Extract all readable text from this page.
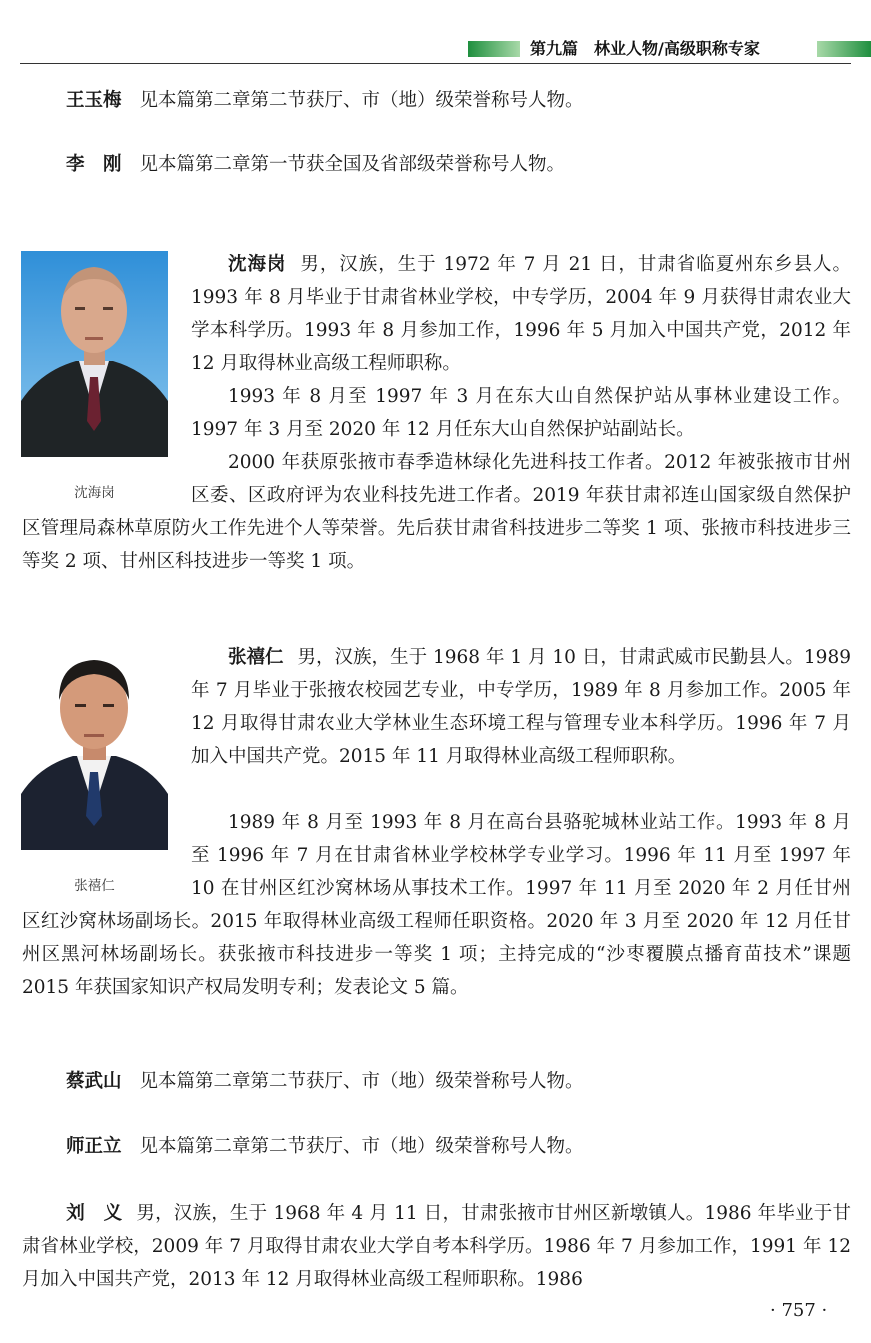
第九篇 林业人物/高级职称专家
王玉梅 见本篇第二章第二节获厅、市（地）级荣誉称号人物。
李　刚 见本篇第二章第一节获全国及省部级荣誉称号人物。
沈海岗
沈海岗 男，汉族，生于 1972 年 7 月 21 日，甘肃省临夏州东乡县人。1993 年 8 月毕业于甘肃省林业学校，中专学历，2004 年 9 月获得甘肃农业大学本科学历。1993 年 8 月参加工作，1996 年 5 月加入中国共产党，2012 年 12 月取得林业高级工程师职称。
1993 年 8 月至 1997 年 3 月在东大山自然保护站从事林业建设工作。1997 年 3 月至 2020 年 12 月任东大山自然保护站副站长。
2000 年获原张掖市春季造林绿化先进科技工作者。2012 年被张掖市甘州区委、区政府评为农业科技先进工作者。2019 年获甘肃祁连山国家级自然保护区管理局森林草原防火工作先进个人等荣誉。先后获甘肃省科技进步二等奖 1 项、张掖市科技进步三等奖 2 项、甘州区科技进步一等奖 1 项。
张禧仁
张禧仁 男，汉族，生于 1968 年 1 月 10 日，甘肃武威市民勤县人。1989 年 7 月毕业于张掖农校园艺专业，中专学历，1989 年 8 月参加工作。2005 年 12 月取得甘肃农业大学林业生态环境工程与管理专业本科学历。1996 年 7 月加入中国共产党。2015 年 11 月取得林业高级工程师职称。
1989 年 8 月至 1993 年 8 月在高台县骆驼城林业站工作。1993 年 8 月至 1996 年 7 月在甘肃省林业学校林学专业学习。1996 年 11 月至 1997 年 10 在甘州区红沙窝林场从事技术工作。1997 年 11 月至 2020 年 2 月任甘州区红沙窝林场副场长。2015 年取得林业高级工程师任职资格。2020 年 3 月至 2020 年 12 月任甘州区黑河林场副场长。获张掖市科技进步一等奖 1 项；主持完成的“沙枣覆膜点播育苗技术”课题 2015 年获国家知识产权局发明专利；发表论文 5 篇。
蔡武山 见本篇第二章第二节获厅、市（地）级荣誉称号人物。
师正立 见本篇第二章第二节获厅、市（地）级荣誉称号人物。
刘　义 男，汉族，生于 1968 年 4 月 11 日，甘肃张掖市甘州区新墩镇人。1986 年毕业于甘肃省林业学校，2009 年 7 月取得甘肃农业大学自考本科学历。1986 年 7 月参加工作，1991 年 12 月加入中国共产党，2013 年 12 月取得林业高级工程师职称。1986
· 757 ·
